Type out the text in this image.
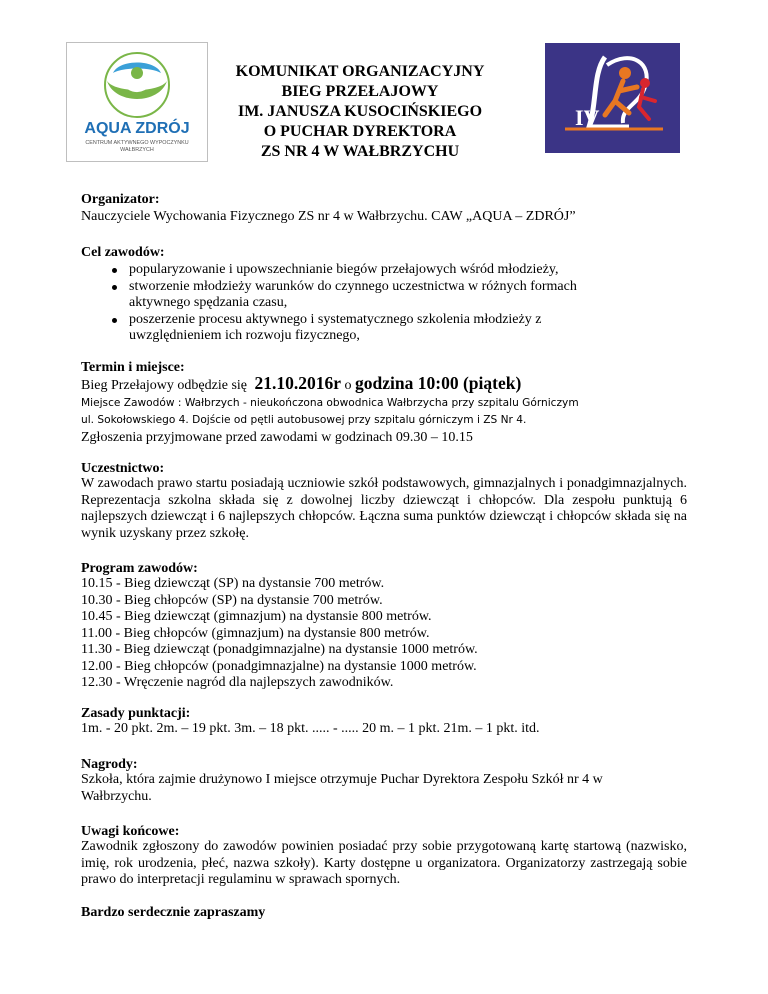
AQUA ZDRÓJ
CENTRUM AKTYWNEGO WYPOCZYNKU
WAŁBRZYCH
KOMUNIKAT ORGANIZACYJNY
BIEG PRZEŁAJOWY
IM. JANUSZA KUSOCIŃSKIEGO
O PUCHAR DYREKTORA
ZS NR 4 W WAŁBRZYCHU
IV
Organizator:
Nauczyciele Wychowania Fizycznego ZS nr 4 w Wałbrzychu. CAW „AQUA – ZDRÓJ”
Cel zawodów:
popularyzowanie i upowszechnianie biegów przełajowych wśród młodzieży,
stworzenie młodzieży warunków do czynnego uczestnictwa w różnych formach aktywnego spędzania czasu,
poszerzenie procesu aktywnego i systematycznego szkolenia młodzieży z uwzględnieniem ich rozwoju fizycznego,
Termin i miejsce:
Bieg Przełajowy odbędzie się 21.10.2016r o godzina 10:00 (piątek)
Miejsce Zawodów : Wałbrzych - nieukończona obwodnica Wałbrzycha przy szpitalu Górniczym
ul. Sokołowskiego 4. Dojście od pętli autobusowej przy szpitalu górniczym i ZS Nr 4.
Zgłoszenia przyjmowane przed zawodami w godzinach 09.30 – 10.15
Uczestnictwo:
W zawodach prawo startu posiadają uczniowie szkół podstawowych, gimnazjalnych i ponadgimnazjalnych. Reprezentacja szkolna składa się z dowolnej liczby dziewcząt i chłopców. Dla zespołu punktują 6 najlepszych dziewcząt i 6 najlepszych chłopców. Łączna suma punktów dziewcząt i chłopców składa się na wynik uzyskany przez szkołę.
Program zawodów:
10.15 - Bieg dziewcząt (SP) na dystansie 700 metrów.
10.30 - Bieg chłopców (SP) na dystansie 700 metrów.
10.45 - Bieg dziewcząt (gimnazjum) na dystansie 800 metrów.
11.00 - Bieg chłopców (gimnazjum) na dystansie 800 metrów.
11.30 - Bieg dziewcząt (ponadgimnazjalne) na dystansie 1000 metrów.
12.00 - Bieg chłopców (ponadgimnazjalne) na dystansie 1000 metrów.
12.30 - Wręczenie nagród dla najlepszych zawodników.
Zasady punktacji:
1m. - 20 pkt. 2m. – 19 pkt. 3m. – 18 pkt. ..... - ..... 20 m. – 1 pkt. 21m. – 1 pkt. itd.
Nagrody:
Szkoła, która zajmie drużynowo I miejsce otrzymuje Puchar Dyrektora Zespołu Szkół nr 4 w Wałbrzychu.
Uwagi końcowe:
Zawodnik zgłoszony do zawodów powinien posiadać przy sobie przygotowaną kartę startową (nazwisko, imię, rok urodzenia, płeć, nazwa szkoły). Karty dostępne u organizatora. Organizatorzy zastrzegają sobie prawo do interpretacji regulaminu w sprawach spornych.
Bardzo serdecznie zapraszamy
